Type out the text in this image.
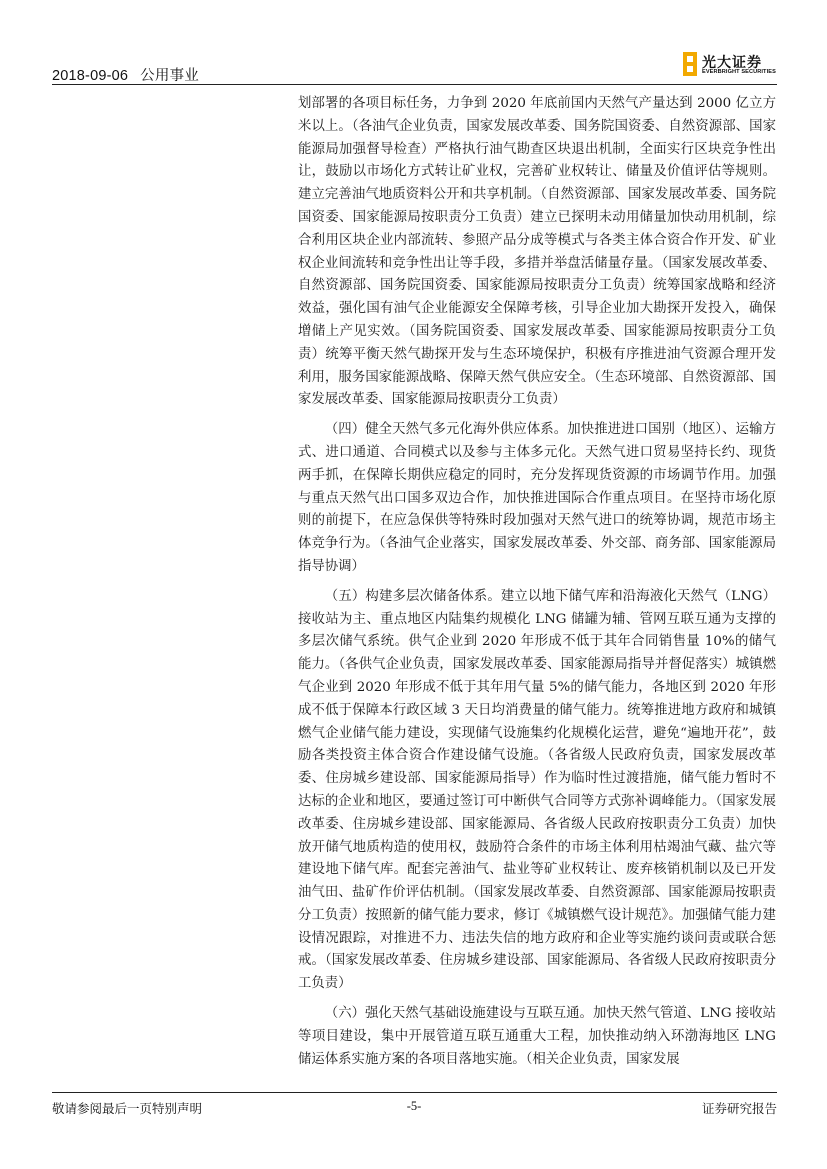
2018-09-06 公用事业
光大证券
EVERBRIGHT SECURITIES

划部署的各项目标任务，力争到 2020 年底前国内天然气产量达到 2000 亿立方米以上。（各油气企业负责，国家发展改革委、国务院国资委、自然资源部、国家能源局加强督导检查）严格执行油气勘查区块退出机制，全面实行区块竞争性出让，鼓励以市场化方式转让矿业权，完善矿业权转让、储量及价值评估等规则。建立完善油气地质资料公开和共享机制。（自然资源部、国家发展改革委、国务院国资委、国家能源局按职责分工负责）建立已探明未动用储量加快动用机制，综合利用区块企业内部流转、参照产品分成等模式与各类主体合资合作开发、矿业权企业间流转和竞争性出让等手段，多措并举盘活储量存量。（国家发展改革委、自然资源部、国务院国资委、国家能源局按职责分工负责）统筹国家战略和经济效益，强化国有油气企业能源安全保障考核，引导企业加大勘探开发投入，确保增储上产见实效。（国务院国资委、国家发展改革委、国家能源局按职责分工负责）统筹平衡天然气勘探开发与生态环境保护，积极有序推进油气资源合理开发利用，服务国家能源战略、保障天然气供应安全。（生态环境部、自然资源部、国家发展改革委、国家能源局按职责分工负责）

（四）健全天然气多元化海外供应体系。加快推进进口国别（地区）、运输方式、进口通道、合同模式以及参与主体多元化。天然气进口贸易坚持长约、现货两手抓，在保障长期供应稳定的同时，充分发挥现货资源的市场调节作用。加强与重点天然气出口国多双边合作，加快推进国际合作重点项目。在坚持市场化原则的前提下，在应急保供等特殊时段加强对天然气进口的统筹协调，规范市场主体竞争行为。（各油气企业落实，国家发展改革委、外交部、商务部、国家能源局指导协调）

（五）构建多层次储备体系。建立以地下储气库和沿海液化天然气（LNG）接收站为主、重点地区内陆集约规模化 LNG 储罐为辅、管网互联互通为支撑的多层次储气系统。供气企业到 2020 年形成不低于其年合同销售量 10%的储气能力。（各供气企业负责，国家发展改革委、国家能源局指导并督促落实）城镇燃气企业到 2020 年形成不低于其年用气量 5%的储气能力，各地区到 2020 年形成不低于保障本行政区域 3 天日均消费量的储气能力。统筹推进地方政府和城镇燃气企业储气能力建设，实现储气设施集约化规模化运营，避免“遍地开花”，鼓励各类投资主体合资合作建设储气设施。（各省级人民政府负责，国家发展改革委、住房城乡建设部、国家能源局指导）作为临时性过渡措施，储气能力暂时不达标的企业和地区，要通过签订可中断供气合同等方式弥补调峰能力。（国家发展改革委、住房城乡建设部、国家能源局、各省级人民政府按职责分工负责）加快放开储气地质构造的使用权，鼓励符合条件的市场主体利用枯竭油气藏、盐穴等建设地下储气库。配套完善油气、盐业等矿业权转让、废弃核销机制以及已开发油气田、盐矿作价评估机制。（国家发展改革委、自然资源部、国家能源局按职责分工负责）按照新的储气能力要求，修订《城镇燃气设计规范》。加强储气能力建设情况跟踪，对推进不力、违法失信的地方政府和企业等实施约谈问责或联合惩戒。（国家发展改革委、住房城乡建设部、国家能源局、各省级人民政府按职责分工负责）

（六）强化天然气基础设施建设与互联互通。加快天然气管道、LNG 接收站等项目建设，集中开展管道互联互通重大工程，加快推动纳入环渤海地区 LNG 储运体系实施方案的各项目落地实施。（相关企业负责，国家发展

敬请参阅最后一页特别声明	-5-	证券研究报告
